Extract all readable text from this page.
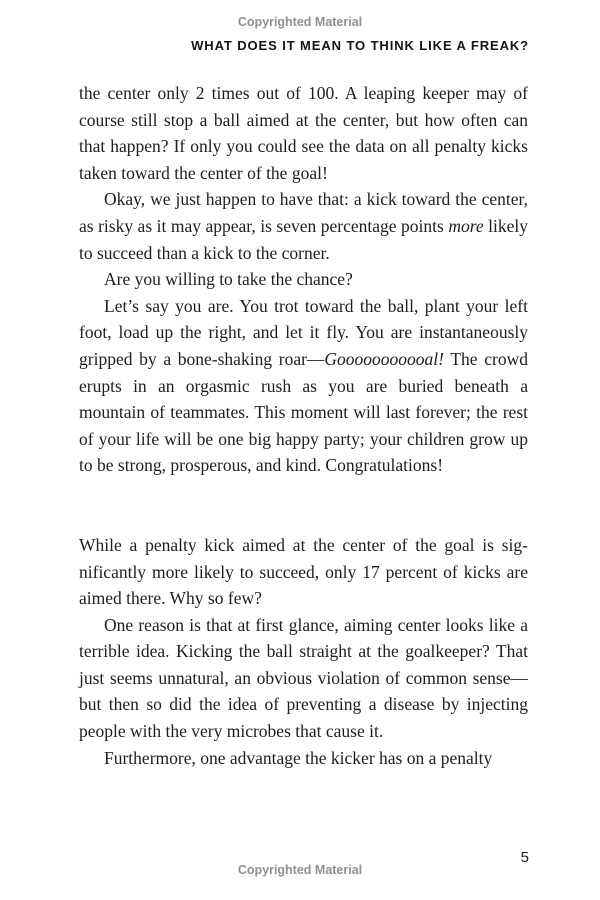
Copyrighted Material
WHAT DOES IT MEAN TO THINK LIKE A FREAK?

the center only 2 times out of 100. A leaping keeper may of course still stop a ball aimed at the center, but how often can that happen? If only you could see the data on all penalty kicks taken toward the center of the goal!

Okay, we just happen to have that: a kick toward the center, as risky as it may appear, is seven percentage points more likely to succeed than a kick to the corner.

Are you willing to take the chance?

Let’s say you are. You trot toward the ball, plant your left foot, load up the right, and let it fly. You are instantaneously gripped by a bone-shaking roar—Gooooooooooal! The crowd erupts in an orgasmic rush as you are buried beneath a mountain of teammates. This moment will last forever; the rest of your life will be one big happy party; your children grow up to be strong, prosperous, and kind. Congratulations!

While a penalty kick aimed at the center of the goal is significantly more likely to succeed, only 17 percent of kicks are aimed there. Why so few?

One reason is that at first glance, aiming center looks like a terrible idea. Kicking the ball straight at the goalkeeper? That just seems unnatural, an obvious violation of common sense—but then so did the idea of preventing a disease by injecting people with the very microbes that cause it.

Furthermore, one advantage the kicker has on a penalty

5
Copyrighted Material
